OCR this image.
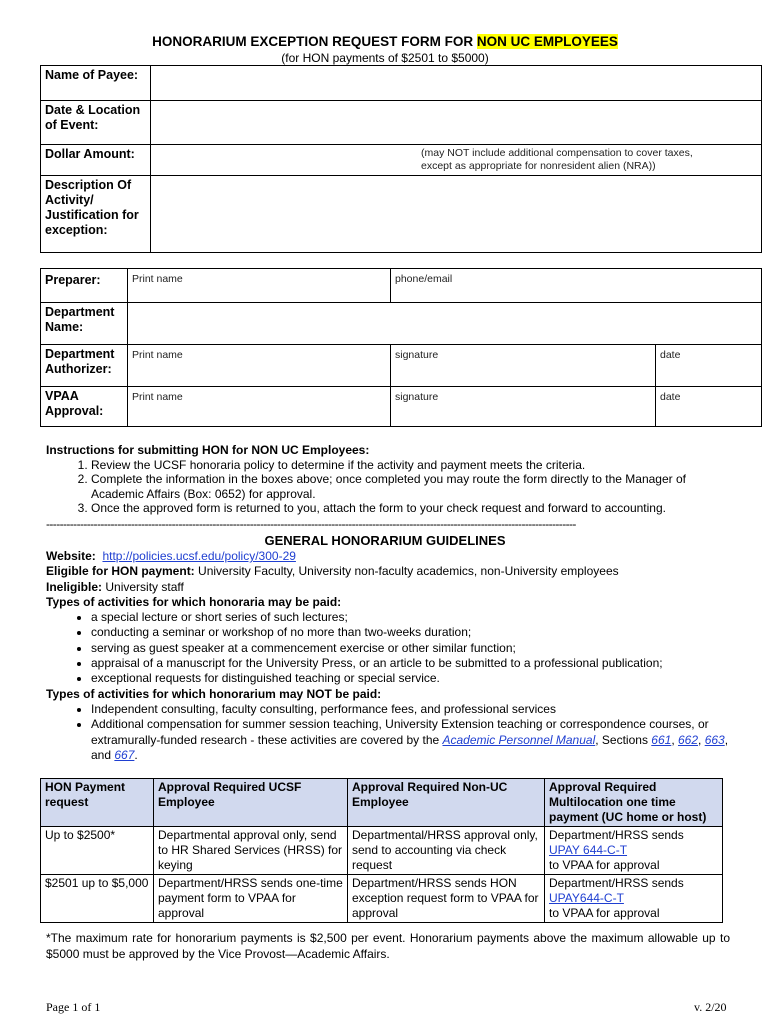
HONORARIUM EXCEPTION REQUEST FORM FOR NON UC EMPLOYEES
(for HON payments of $2501 to $5000)
Name of Payee:	
Date & Location of Event:	
Dollar Amount:	(may NOT include additional compensation to cover taxes, except as appropriate for nonresident alien (NRA))

Description Of Activity/ Justification for exception:	
Preparer:	Print name	phone/email	
Department Name:			
Department Authorizer:	Print name	signature	date
VPAA Approval:	Print name	signature	date
Instructions for submitting HON for NON UC Employees:
1. Review the UCSF honoraria policy to determine if the activity and payment meets the criteria.
2. Complete the information in the boxes above; once completed you may route the form directly to the Manager of Academic Affairs (Box: 0652) for approval.
3. Once the approved form is returned to you, attach the form to your check request and forward to accounting.
------------------------------------------------------------------------------------------------------------------------------------------------------------
GENERAL HONORARIUM GUIDELINES
Website: http://policies.ucsf.edu/policy/300-29
Eligible for HON payment: University Faculty, University non-faculty academics, non-University employees
Ineligible: University staff
Types of activities for which honoraria may be paid:
• a special lecture or short series of such lectures;
• conducting a seminar or workshop of no more than two-weeks duration;
• serving as guest speaker at a commencement exercise or other similar function;
• appraisal of a manuscript for the University Press, or an article to be submitted to a professional publication;
• exceptional requests for distinguished teaching or special service.
Types of activities for which honorarium may NOT be paid:
• Independent consulting, faculty consulting, performance fees, and professional services
• Additional compensation for summer session teaching, University Extension teaching or correspondence courses, or extramurally-funded research - these activities are covered by the Academic Personnel Manual, Sections 661, 662, 663, and 667.
HON Payment request	Approval Required UCSF Employee	Approval Required Non-UC Employee	Approval Required Multilocation one time payment (UC home or host)
Up to $2500*	Departmental approval only, send to HR Shared Services (HRSS) for keying	Departmental/HRSS approval only, send to accounting via check request	Department/HRSS sends
UPAY 644-C-T
to VPAA for approval

$2501 up to $5,000	Department/HRSS sends one-time payment form to VPAA for approval	Department/HRSS sends HON exception request form to VPAA for approval	Department/HRSS sends
UPAY644-C-T
to VPAA for approval
*The maximum rate for honorarium payments is $2,500 per event. Honorarium payments above the maximum allowable up to $5000 must be approved by the Vice Provost—Academic Affairs.
Page 1 of 1	v. 2/20
